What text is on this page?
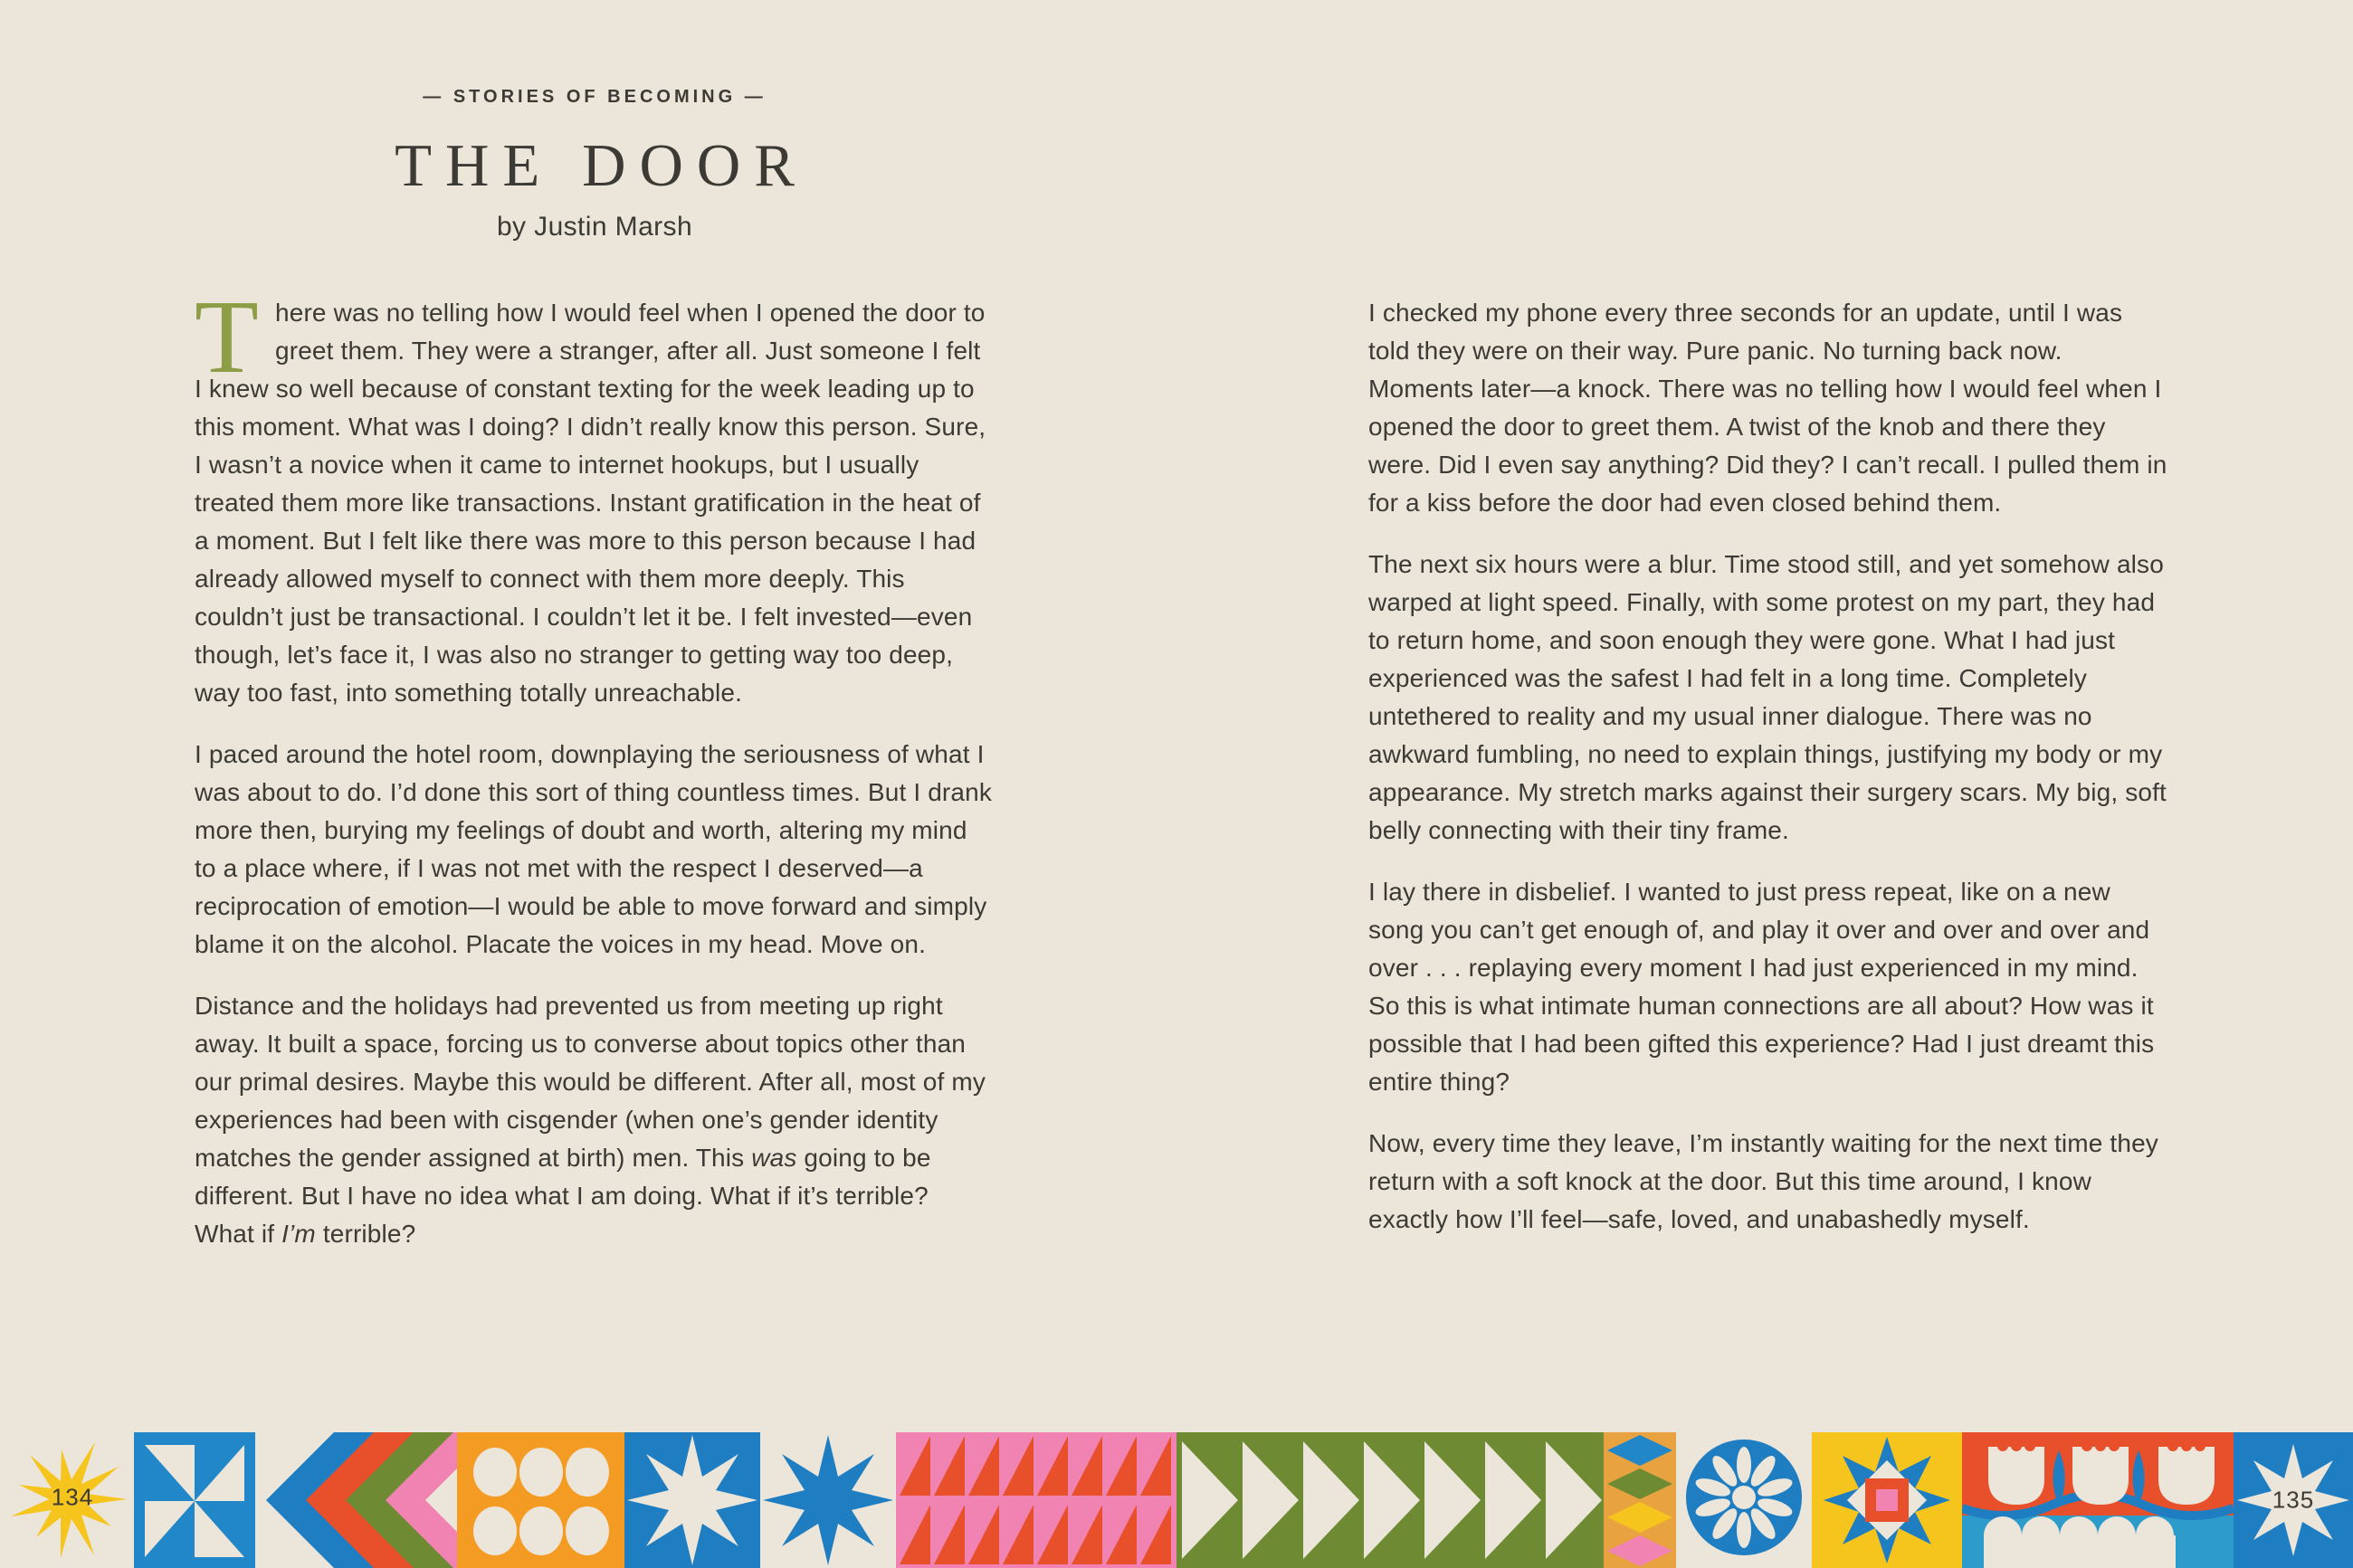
— STORIES OF BECOMING —
THE DOOR
by Justin Marsh

There was no telling how I would feel when I opened the door to greet them. They were a stranger, after all. Just someone I felt I knew so well because of constant texting for the week leading up to this moment. What was I doing? I didn’t really know this person. Sure, I wasn’t a novice when it came to internet hookups, but I usually treated them more like transactions. Instant gratification in the heat of a moment. But I felt like there was more to this person because I had already allowed myself to connect with them more deeply. This couldn’t just be transactional. I couldn’t let it be. I felt invested—even though, let’s face it, I was also no stranger to getting way too deep, way too fast, into something totally unreachable.

I paced around the hotel room, downplaying the seriousness of what I was about to do. I’d done this sort of thing countless times. But I drank more then, burying my feelings of doubt and worth, altering my mind to a place where, if I was not met with the respect I deserved—a reciprocation of emotion—I would be able to move forward and simply blame it on the alcohol. Placate the voices in my head. Move on.

Distance and the holidays had prevented us from meeting up right away. It built a space, forcing us to converse about topics other than our primal desires. Maybe this would be different. After all, most of my experiences had been with cisgender (when one’s gender identity matches the gender assigned at birth) men. This was going to be different. But I have no idea what I am doing. What if it’s terrible? What if I’m terrible?

I checked my phone every three seconds for an update, until I was told they were on their way. Pure panic. No turning back now. Moments later—a knock. There was no telling how I would feel when I opened the door to greet them. A twist of the knob and there they were. Did I even say anything? Did they? I can’t recall. I pulled them in for a kiss before the door had even closed behind them.

The next six hours were a blur. Time stood still, and yet somehow also warped at light speed. Finally, with some protest on my part, they had to return home, and soon enough they were gone. What I had just experienced was the safest I had felt in a long time. Completely untethered to reality and my usual inner dialogue. There was no awkward fumbling, no need to explain things, justifying my body or my appearance. My stretch marks against their surgery scars. My big, soft belly connecting with their tiny frame.

I lay there in disbelief. I wanted to just press repeat, like on a new song you can’t get enough of, and play it over and over and over and over . . . replaying every moment I had just experienced in my mind. So this is what intimate human connections are all about? How was it possible that I had been gifted this experience? Had I just dreamt this entire thing?

Now, every time they leave, I’m instantly waiting for the next time they return with a soft knock at the door. But this time around, I know exactly how I’ll feel—safe, loved, and unabashedly myself.

134	135
